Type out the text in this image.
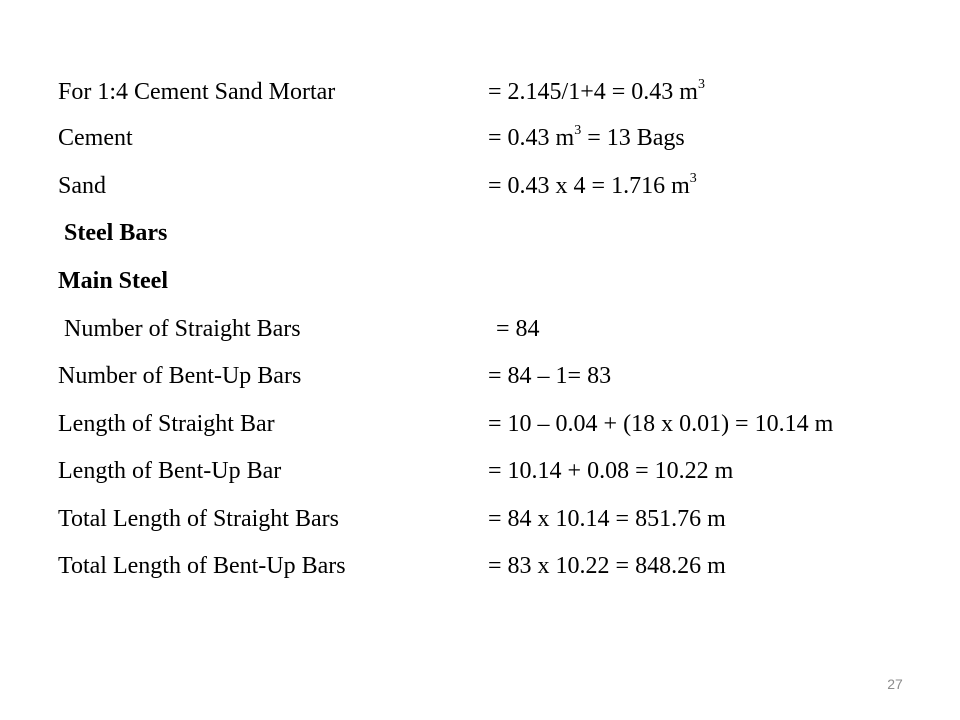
For 1:4 Cement Sand Mortar	= 2.145/1+4 = 0.43 $m^3$
Cement	= 0.43 $m^3 = 13$ Bags
Sand	= 0.43 x 4 = 1.716 $m^3$
Steel Bars
Main Steel
Number of Straight Bars	= 84
Number of Bent-Up Bars	= 84 – 1= 83
Length of Straight Bar	= 10 – 0.04 + (18 x 0.01) = 10.14 m
Length of Bent-Up Bar	= 10.14 + 0.08 = 10.22 m
Total Length of Straight Bars	= 84 x 10.14 = 851.76 m
Total Length of Bent-Up Bars	= 83 x 10.22 = 848.26 m
27
